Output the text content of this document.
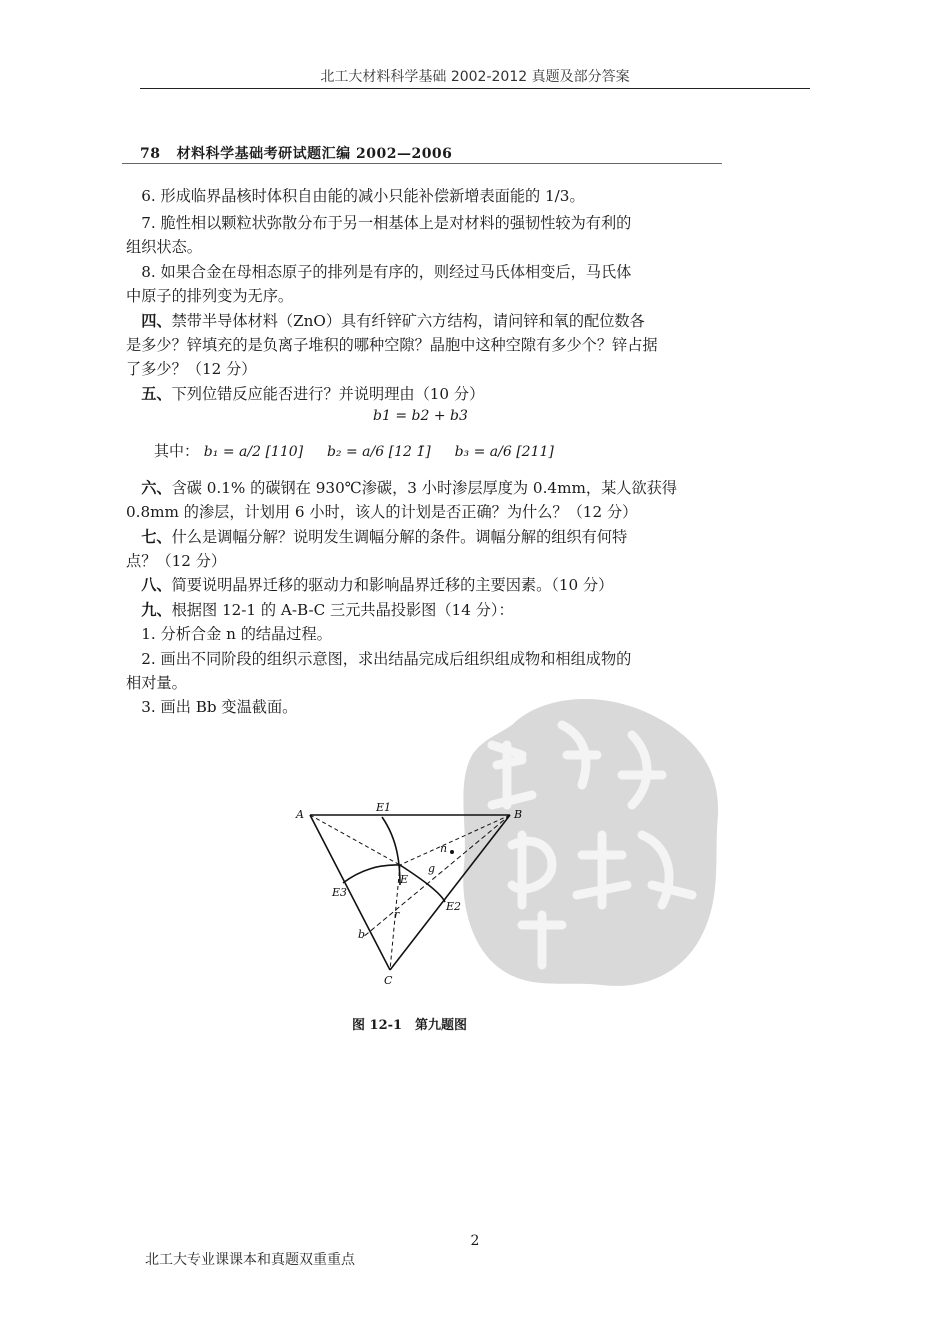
北工大材料科学基础 2002-2012 真题及部分答案
78 材料科学基础考研试题汇编 2002—2006
　6. 形成临界晶核时体积自由能的减小只能补偿新增表面能的 1/3。
　7. 脆性相以颗粒状弥散分布于另一相基体上是对材料的强韧性较为有利的
组织状态。
　8. 如果合金在母相态原子的排列是有序的，则经过马氏体相变后，马氏体
中原子的排列变为无序。
　四、禁带半导体材料（ZnO）具有纤锌矿六方结构，请问锌和氧的配位数各
是多少？锌填充的是负离子堆积的哪种空隙？晶胞中这种空隙有多少个？锌占据
了多少？（12 分）
　五、下列位错反应能否进行？并说明理由（10 分）
b1 = b2 + b3
其中： b₁ = a/2 [110] b₂ = a/6 [12 1̄] b₃ = a/6 [211]
　六、含碳 0.1% 的碳钢在 930℃渗碳，3 小时渗层厚度为 0.4mm，某人欲获得
0.8mm 的渗层，计划用 6 小时，该人的计划是否正确？为什么？（12 分）
　七、什么是调幅分解？说明发生调幅分解的条件。调幅分解的组织有何特
点？（12 分）
　八、简要说明晶界迁移的驱动力和影响晶界迁移的主要因素。（10 分）
　九、根据图 12-1 的 A-B-C 三元共晶投影图（14 分）：
　1. 分析合金 n 的结晶过程。
　2. 画出不同阶段的组织示意图，求出结晶完成后组织组成物和相组成物的
相对量。
　3. 画出 Bb 变温截面。
A	B
C
E
E1
E2
E3
n
g
r
b
图 12-1　第九题图
2
北工大专业课课本和真题双重重点
